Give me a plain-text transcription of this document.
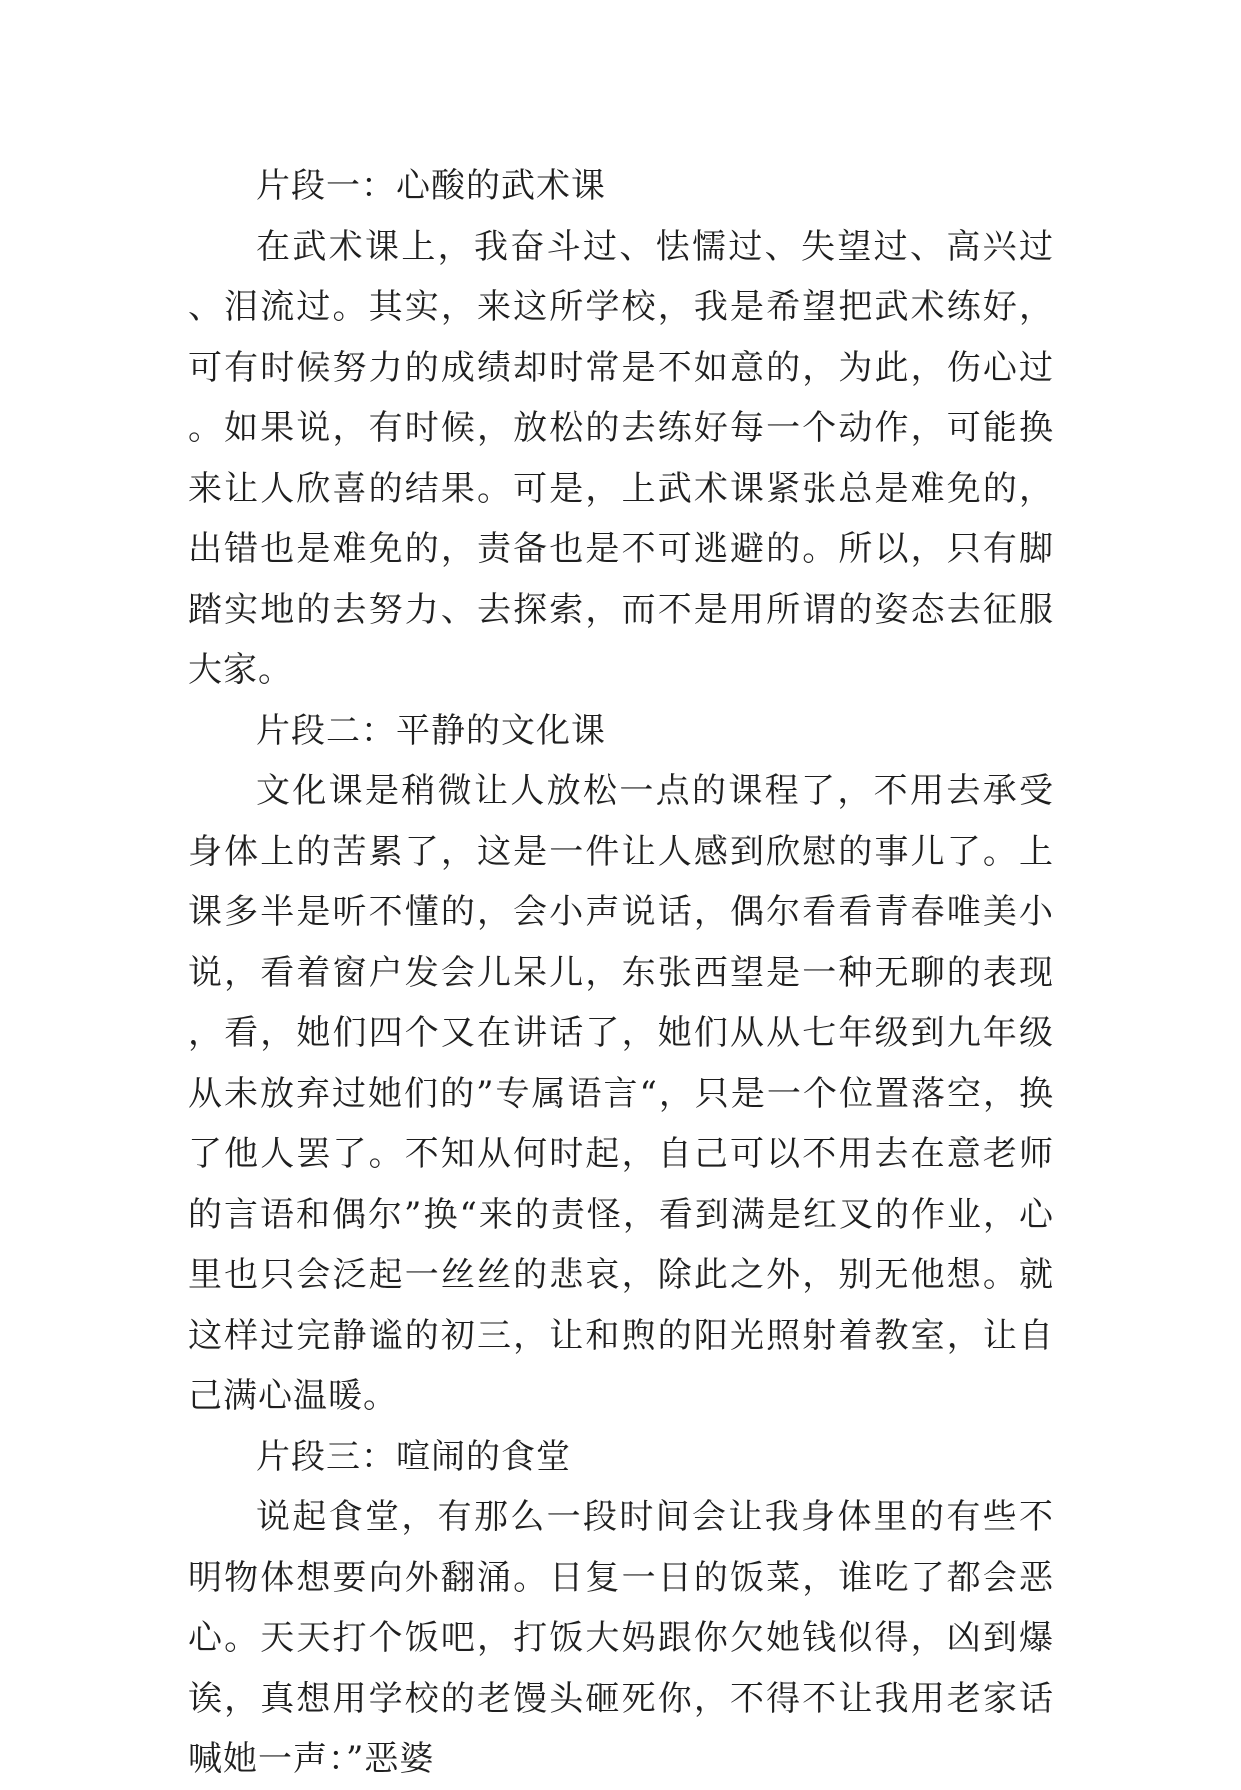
片段一：心酸的武术课

在武术课上，我奋斗过、怯懦过、失望过、高兴过、泪流过。其实，来这所学校，我是希望把武术练好，可有时候努力的成绩却时常是不如意的，为此，伤心过。如果说，有时候，放松的去练好每一个动作，可能换来让人欣喜的结果。可是，上武术课紧张总是难免的，出错也是难免的，责备也是不可逃避的。所以，只有脚踏实地的去努力、去探索，而不是用所谓的姿态去征服大家。

片段二：平静的文化课

文化课是稍微让人放松一点的课程了，不用去承受身体上的苦累了，这是一件让人感到欣慰的事儿了。上课多半是听不懂的，会小声说话，偶尔看看青春唯美小说，看着窗户发会儿呆儿，东张西望是一种无聊的表现，看，她们四个又在讲话了，她们从从七年级到九年级从未放弃过她们的”专属语言“，只是一个位置落空，换了他人罢了。不知从何时起，自己可以不用去在意老师的言语和偶尔”换“来的责怪，看到满是红叉的作业，心里也只会泛起一丝丝的悲哀，除此之外，别无他想。就这样过完静谧的初三，让和煦的阳光照射着教室，让自己满心温暖。

片段三：喧闹的食堂

说起食堂，有那么一段时间会让我身体里的有些不明物体想要向外翻涌。日复一日的饭菜，谁吃了都会恶心。天天打个饭吧，打饭大妈跟你欠她钱似得，凶到爆诶，真想用学校的老馒头砸死你，不得不让我用老家话喊她一声：”恶婆
